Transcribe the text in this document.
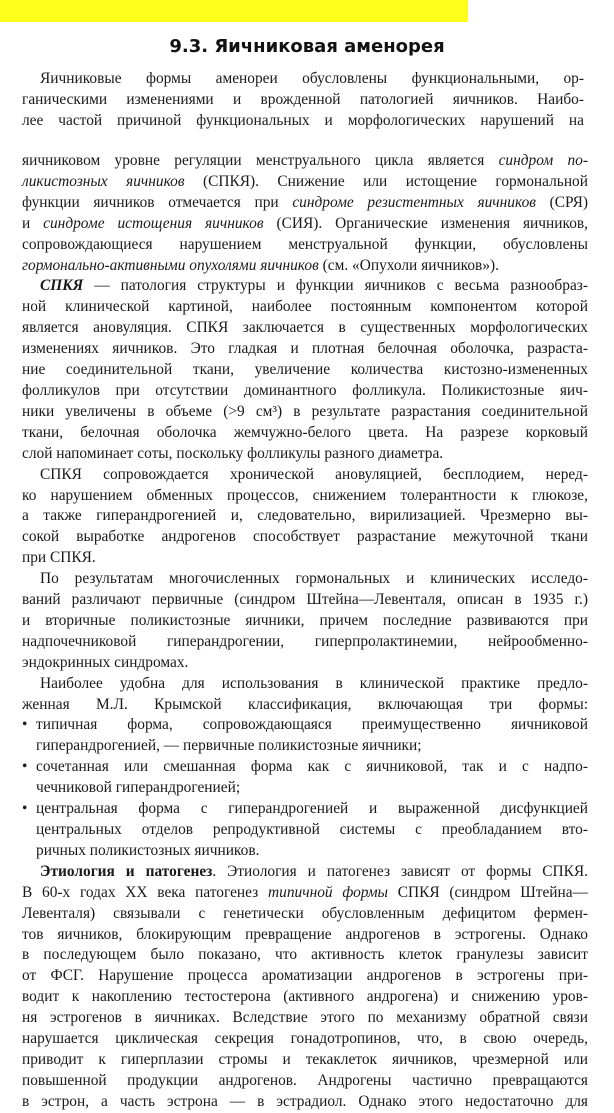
9.3. Яичниковая аменорея
Яичниковые формы аменореи обусловлены функциональными, ор-
ганическими изменениями и врожденной патологией яичников. Наибо-
лее частой причиной функциональных и морфологических нарушений на
яичниковом уровне регуляции менструального цикла является синдром по-
ликистозных яичников (СПКЯ). Снижение или истощение гормональной
функции яичников отмечается при синдроме резистентных яичников (СРЯ)
и синдроме истощения яичников (СИЯ). Органические изменения яичников,
сопровождающиеся нарушением менструальной функции, обусловлены
гормонально-активными опухолями яичников (см. «Опухоли яичников»).
СПКЯ — патология структуры и функции яичников с весьма разнообраз-
ной клинической картиной, наиболее постоянным компонентом которой
является ановуляция. СПКЯ заключается в существенных морфологических
изменениях яичников. Это гладкая и плотная белочная оболочка, разраста-
ние соединительной ткани, увеличение количества кистозно-измененных
фолликулов при отсутствии доминантного фолликула. Поликистозные яич-
ники увеличены в объеме (>9 см³) в результате разрастания соединительной
ткани, белочная оболочка жемчужно-белого цвета. На разрезе корковый
слой напоминает соты, поскольку фолликулы разного диаметра.
СПКЯ сопровождается хронической ановуляцией, бесплодием, неред-
ко нарушением обменных процессов, снижением толерантности к глюкозе,
а также гиперандрогенией и, следовательно, вирилизацией. Чрезмерно вы-
сокой выработке андрогенов способствует разрастание межуточной ткани
при СПКЯ.
По результатам многочисленных гормональных и клинических исследо-
ваний различают первичные (синдром Штейна—Левенталя, описан в 1935 г.)
и вторичные поликистозные яичники, причем последние развиваются при
надпочечниковой гиперандрогении, гиперпролактинемии, нейрообменно-
эндокринных синдромах.
Наиболее удобна для использования в клинической практике предло-
женная М.Л. Крымской классификация, включающая три формы:
• типичная форма, сопровождающаяся преимущественно яичниковой
гиперандрогенией, — первичные поликистозные яичники;
• сочетанная или смешанная форма как с яичниковой, так и с надпо-
чечниковой гиперандрогенией;
• центральная форма с гиперандрогенией и выраженной дисфункцией
центральных отделов репродуктивной системы с преобладанием вто-
ричных поликистозных яичников.
Этиология и патогенез. Этиология и патогенез зависят от формы СПКЯ.
В 60-х годах XX века патогенез типичной формы СПКЯ (синдром Штейна—
Левенталя) связывали с генетически обусловленным дефицитом фермен-
тов яичников, блокирующим превращение андрогенов в эстрогены. Однако
в последующем было показано, что активность клеток гранулезы зависит
от ФСГ. Нарушение процесса ароматизации андрогенов в эстрогены при-
водит к накоплению тестостерона (активного андрогена) и снижению уров-
ня эстрогенов в яичниках. Вследствие этого по механизму обратной связи
нарушается циклическая секреция гонадотропинов, что, в свою очередь,
приводит к гиперплазии стромы и текаклеток яичников, чрезмерной или
повышенной продукции андрогенов. Андрогены частично превращаются
в эстрон, а часть эстрона — в эстрадиол. Однако этого недостаточно для
